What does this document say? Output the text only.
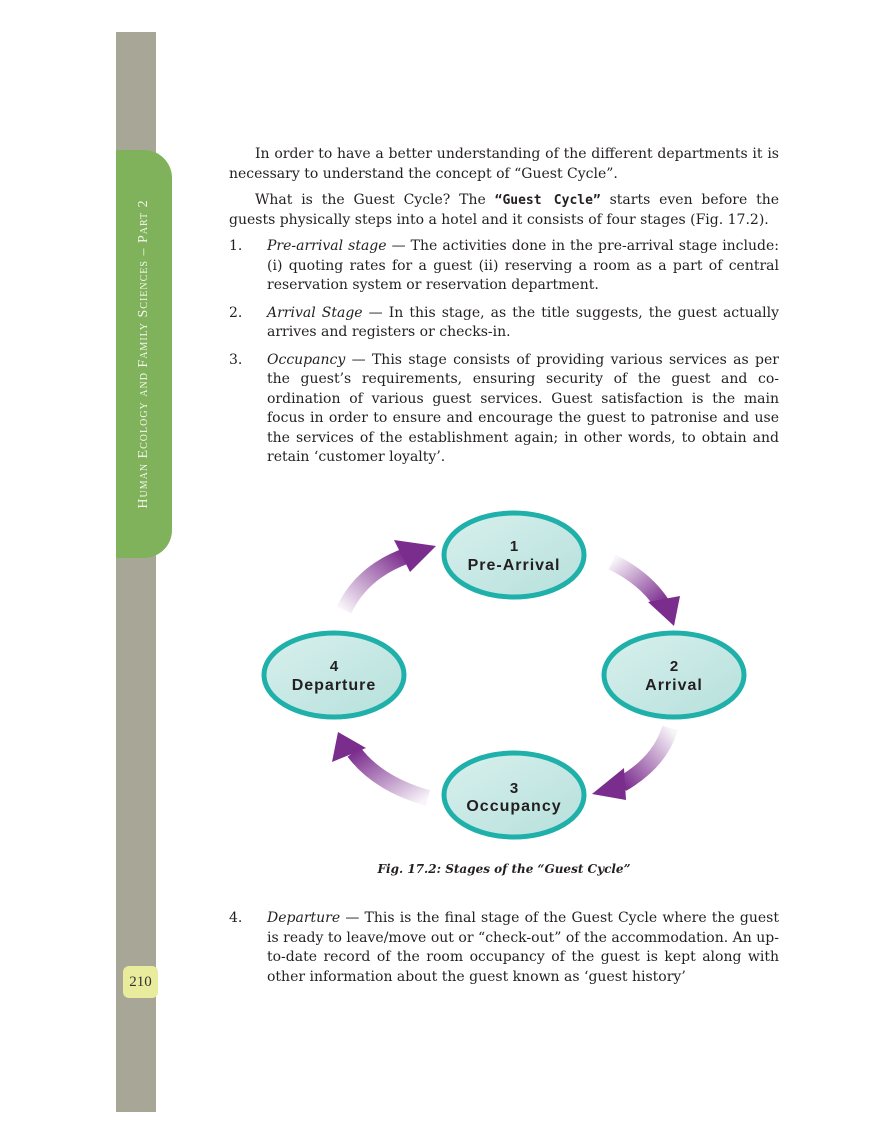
Human Ecology and Family Sciences – Part 2
210

In order to have a better understanding of the different departments it is necessary to understand the concept of “Guest Cycle”.

What is the Guest Cycle? The “Guest Cycle” starts even before the guests physically steps into a hotel and it consists of four stages (Fig. 17.2).

1. Pre-arrival stage — The activities done in the pre-arrival stage include: (i) quoting rates for a guest (ii) reserving a room as a part of central reservation system or reservation department.
2. Arrival Stage — In this stage, as the title suggests, the guest actually arrives and registers or checks-in.
3. Occupancy — This stage consists of providing various services as per the guest’s requirements, ensuring security of the guest and co-ordination of various guest services. Guest satisfaction is the main focus in order to ensure and encourage the guest to patronise and use the services of the establishment again; in other words, to obtain and retain ‘customer loyalty’.
1
Pre-Arrival
2
Arrival
3
Occupancy
4
Departure
Fig. 17.2: Stages of the “Guest Cycle”
4. Departure — This is the final stage of the Guest Cycle where the guest is ready to leave/move out or “check-out” of the accommodation. An up-to-date record of the room occupancy of the guest is kept along with other information about the guest known as ‘guest history’
